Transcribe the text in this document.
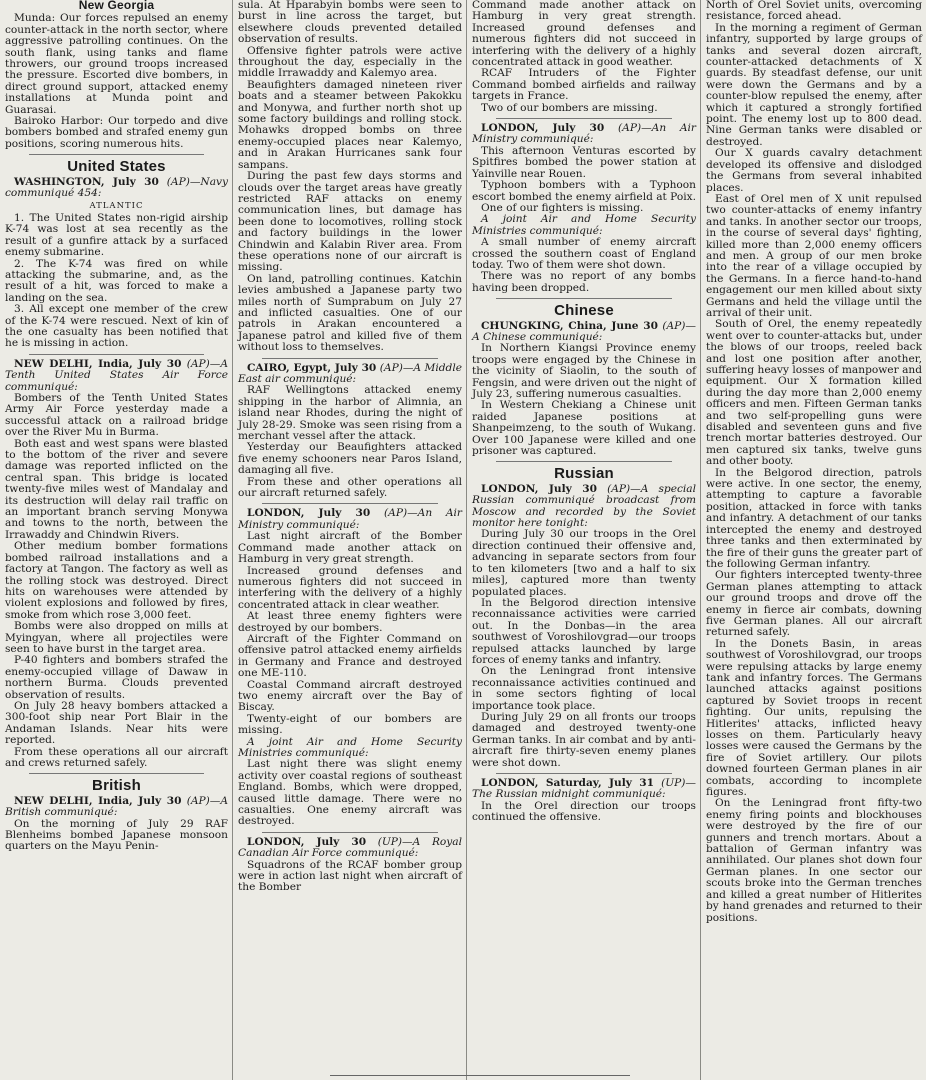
New Georgia

Munda: Our forces repulsed an enemy counter-attack in the north sector, where aggressive patrolling continues. On the south flank, using tanks and flame throwers, our ground troops increased the pressure. Escorted dive bombers, in direct ground support, attacked enemy installations at Munda point and Guarasai.

Bairoko Harbor: Our torpedo and dive bombers bombed and strafed enemy gun positions, scoring numerous hits.

United States

WASHINGTON, July 30 (AP)—Navy communiqué 454:

ATLANTIC

1. The United States non-rigid airship K-74 was lost at sea recently as the result of a gunfire attack by a surfaced enemy submarine.

2. The K-74 was fired on while attacking the submarine, and, as the result of a hit, was forced to make a landing on the sea.

3. All except one member of the crew of the K-74 were rescued. Next of kin of the one casualty has been notified that he is missing in action.

NEW DELHI, India, July 30 (AP)—A Tenth United States Air Force communiqué:

Bombers of the Tenth United States Army Air Force yesterday made a successful attack on a railroad bridge over the River Mu in Burma.

Both east and west spans were blasted to the bottom of the river and severe damage was reported inflicted on the central span. This bridge is located twenty-five miles west of Mandalay and its destruction will delay rail traffic on an important branch serving Monywa and towns to the north, between the Irrawaddy and Chindwin Rivers.

Other medium bomber formations bombed railroad installations and a factory at Tangon. The factory as well as the rolling stock was destroyed. Direct hits on warehouses were attended by violent explosions and followed by fires, smoke from which rose 3,000 feet.

Bombs were also dropped on mills at Myingyan, where all projectiles were seen to have burst in the target area.

P-40 fighters and bombers strafed the enemy-occupied village of Dawaw in northern Burma. Clouds prevented observation of results.

On July 28 heavy bombers attacked a 300-foot ship near Port Blair in the Andaman Islands. Near hits were reported.

From these operations all our aircraft and crews returned safely.

British

NEW DELHI, India, July 30 (AP)—A British communiqué:

On the morning of July 29 RAF Blenheims bombed Japanese monsoon quarters on the Mayu Penin-

sula. At Hparabyin bombs were seen to burst in line across the target, but elsewhere clouds prevented detailed observation of results.

Offensive fighter patrols were active throughout the day, especially in the middle Irrawaddy and Kalemyo area.

Beaufighters damaged nineteen river boats and a steamer between Pakokku and Monywa, and further north shot up some factory buildings and rolling stock. Mohawks dropped bombs on three enemy-occupied places near Kalemyo, and in Arakan Hurricanes sank four sampans.

During the past few days storms and clouds over the target areas have greatly restricted RAF attacks on enemy communication lines, but damage has been done to locomotives, rolling stock and factory buildings in the lower Chindwin and Kalabin River area. From these operations none of our aircraft is missing.

On land, patrolling continues. Katchin levies ambushed a Japanese party two miles north of Sumprabum on July 27 and inflicted casualties. One of our patrols in Arakan encountered a Japanese patrol and killed five of them without loss to themselves.

CAIRO, Egypt, July 30 (AP)—A Middle East air communiqué:

RAF Wellingtons attacked enemy shipping in the harbor of Alimnia, an island near Rhodes, during the night of July 28-29. Smoke was seen rising from a merchant vessel after the attack.

Yesterday our Beaufighters attacked five enemy schooners near Paros Island, damaging all five.

From these and other operations all our aircraft returned safely.

LONDON, July 30 (AP)—An Air Ministry communiqué:

Last night aircraft of the Bomber Command made another attack on Hamburg in very great strength.

Increased ground defenses and numerous fighters did not succeed in interfering with the delivery of a highly concentrated attack in clear weather.

At least three enemy fighters were destroyed by our bombers.

Aircraft of the Fighter Command on offensive patrol attacked enemy airfields in Germany and France and destroyed one ME-110.

Coastal Command aircraft destroyed two enemy aircraft over the Bay of Biscay.

Twenty-eight of our bombers are missing.

A joint Air and Home Security Ministries communiqué:

Last night there was slight enemy activity over coastal regions of southeast England. Bombs, which were dropped, caused little damage. There were no casualties. One enemy aircraft was destroyed.

LONDON, July 30 (UP)—A Royal Canadian Air Force communiqué:

Squadrons of the RCAF bomber group were in action last night when aircraft of the Bomber

Command made another attack on Hamburg in very great strength. Increased ground defenses and numerous fighters did not succeed in interfering with the delivery of a highly concentrated attack in good weather.

RCAF Intruders of the Fighter Command bombed airfields and railway targets in France.

Two of our bombers are missing.

LONDON, July 30 (AP)—An Air Ministry communiqué:

This afternoon Venturas escorted by Spitfires bombed the power station at Yainville near Rouen.

Typhoon bombers with a Typhoon escort bombed the enemy airfield at Poix.

One of our fighters is missing.

A joint Air and Home Security Ministries communiqué:

A small number of enemy aircraft crossed the southern coast of England today. Two of them were shot down.

There was no report of any bombs having been dropped.

Chinese

CHUNGKING, China, June 30 (AP)—A Chinese communiqué:

In Northern Kiangsi Province enemy troops were engaged by the Chinese in the vicinity of Siaolin, to the south of Fengsin, and were driven out the night of July 23, suffering numerous casualties.

In Western Chekiang a Chinese unit raided Japanese positions at Shanpeimzeng, to the south of Wukang. Over 100 Japanese were killed and one prisoner was captured.

Russian

LONDON, July 30 (AP)—A special Russian communiqué broadcast from Moscow and recorded by the Soviet monitor here tonight:

During July 30 our troops in the Orel direction continued their offensive and, advancing in separate sectors from four to ten kilometers [two and a half to six miles], captured more than twenty populated places.

In the Belgorod direction intensive reconnaissance activities were carried out. In the Donbas—in the area southwest of Voroshilovgrad—our troops repulsed attacks launched by large forces of enemy tanks and infantry.

On the Leningrad front intensive reconnaissance activities continued and in some sectors fighting of local importance took place.

During July 29 on all fronts our troops damaged and destroyed twenty-one German tanks. In air combat and by anti-aircraft fire thirty-seven enemy planes were shot down.

LONDON, Saturday, July 31 (UP)—The Russian midnight communiqué:

In the Orel direction our troops continued the offensive.

North of Orel Soviet units, overcoming resistance, forced ahead.

In the morning a regiment of German infantry, supported by large groups of tanks and several dozen aircraft, counter-attacked detachments of X guards. By steadfast defense, our unit were down the Germans and by a counter-blow repulsed the enemy, after which it captured a strongly fortified point. The enemy lost up to 800 dead. Nine German tanks were disabled or destroyed.

Our X guards cavalry detachment developed its offensive and dislodged the Germans from several inhabited places.

East of Orel men of X unit repulsed two counter-attacks of enemy infantry and tanks. In another sector our troops, in the course of several days' fighting, killed more than 2,000 enemy officers and men. A group of our men broke into the rear of a village occupied by the Germans. In a fierce hand-to-hand engagement our men killed about sixty Germans and held the village until the arrival of their unit.

South of Orel, the enemy repeatedly went over to counter-attacks but, under the blows of our troops, reeled back and lost one position after another, suffering heavy losses of manpower and equipment. Our X formation killed during the day more than 2,000 enemy officers and men. Fifteen German tanks and two self-propelling guns were disabled and seventeen guns and five trench mortar batteries destroyed. Our men captured six tanks, twelve guns and other booty.

In the Belgorod direction, patrols were active. In one sector, the enemy, attempting to capture a favorable position, attacked in force with tanks and infantry. A detachment of our tanks intercepted the enemy and destroyed three tanks and then exterminated by the fire of their guns the greater part of the following German infantry.

Our fighters intercepted twenty-three German planes attempting to attack our ground troops and drove off the enemy in fierce air combats, downing five German planes. All our aircraft returned safely.

In the Donets Basin, in areas southwest of Voroshilovgrad, our troops were repulsing attacks by large enemy tank and infantry forces. The Germans launched attacks against positions captured by Soviet troops in recent fighting. Our units, repulsing the Hitlerites' attacks, inflicted heavy losses on them. Particularly heavy losses were caused the Germans by the fire of Soviet artillery. Our pilots downed fourteen German planes in air combats, according to incomplete figures.

On the Leningrad front fifty-two enemy firing points and blockhouses were destroyed by the fire of our gunners and trench mortars. About a battalion of German infantry was annihilated. Our planes shot down four German planes. In one sector our scouts broke into the German trenches and killed a great number of Hitlerites by hand grenades and returned to their positions.
